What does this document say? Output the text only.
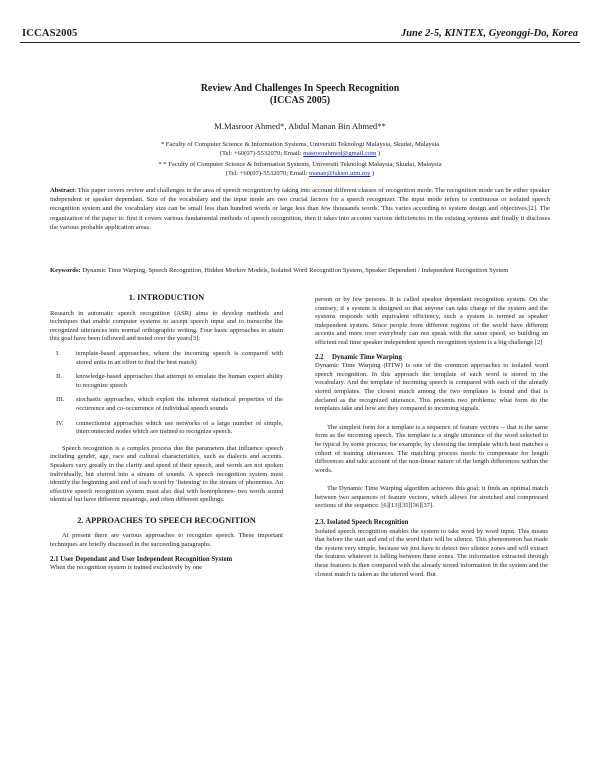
ICCAS2005	June 2-5, KINTEX, Gyeonggi-Do, Korea
Review And Challenges In Speech Recognition
(ICCAS 2005)
M.Masroor Ahmed*, Abdul Manan Bin Ahmed**
* Faculty of Computer Science & Information Systems, Universiti Teknologi Malaysia, Skudai, Malaysia
(Tel: +60(07)-5532070; Email: masroorahmed@gmail.com )
* * Faculty of Computer Science & Information Systems, Universiti Teknologi Malaysia, Skudai, Malaysia
(Tel: +60(07)-5532070; Email: manan@fsksm.utm.my )
Abstract: This paper covers review and challenges in the area of speech recognition by taking into account different classes of recognition mode. The recognition mode can be either speaker independent or speaker dependant. Size of the vocabulary and the input mode are two crucial factors for a speech recognizer. The input mode refers to continuous or isolated speech recognition system and the vocabulary size can be small less than hundred words or large less than few thousands words. This varies according to system design and objectives.[2]. The organization of the paper is: first it covers various fundamental methods of speech recognition, then it takes into account various deficiencies in the existing systems and finally it discloses the various probable application areas.
Keywords: Dynamic Time Warping, Speech Recognition, Hidden Morkov Models, Isolated Word Recognition System, Speaker Dependent / Independent Recognition System
1. INTRODUCTION

Research in automatic speech recognition (ASR) aims to develop methods and techniques that enable computer systems to accept speech input and to transcribe the recognized utterances into normal orthographic writing. Four basic approaches to attain this goal have been followed and tested over the years[3]:

I. template-based approaches, where the incoming speech is compared with stored units in an effort to find the best match)
II. knowledge-based approaches that attempt to emulate the human expert ability to recognize speech
III. stochastic approaches, which exploit the inherent statistical properties of the occurrence and co-occurrence of individual speech sounds
IV. connectionist approaches which use networks of a large number of simple, interconnected nodes which are trained to recognize speech.

Speech recognition is a complex process due the parameters that influence speech including gender, age, race and cultural characteristics, such as dialects and accents. Speakers vary greatly in the clarity and speed of their speech, and words are not spoken individually, but slurred into a stream of sounds. A speech recognition system must identify the beginning and end of each word by 'listening' to the stream of phonemes. An effective speech recognition system must also deal with homophones- two words sound identical but have different meanings, and often different spellings.

2. APPROACHES TO SPEECH RECOGNITION

At present there are various approaches to recognize speech. These important techniques are briefly discussed in the succeeding paragraphs.

2.1 User Dependant and User Independent Recognition System

When the recognition system is trained exclusively by one

person or by few persons. It is called speaker dependant recognition system. On the contrary, if a system is designed so that anyone can take charge of the system and the systems responds with equivalent efficiency, such a system is termed as speaker independent system. Since people from different regions of the world have different accents and more over everybody can not speak with the same speed, so building an efficient real time speaker independent speech recognition system is a big challenge [2]

2.2     Dynamic Time Warping

Dynamic Time Warping (DTW) is one of the common approaches to isolated word speech recognition. In this approach the template of each word is stored in the vocabulary. And the template of incoming speech is compared with each of the already stored templates. The closest match among the two templates is found and that is declared as the recognized utterance. This presents two problems: what form do the templates take and how are they compared to incoming signals.

The simplest form for a template is a sequence of feature vectors -- that is the same form as the incoming speech. The template is a single utterance of the word selected to be typical by some process; for example, by choosing the template which best matches a cohort of training utterances. The matching process needs to compensate for length differences and take account of the non-linear nature of the length differences within the words.

The Dynamic Time Warping algorithm achieves this goal; it finds an optimal match between two sequences of feature vectors, which allows for stretched and compressed sections of the sequence. [6][13][35][36][37].

2.3. Isolated Speech Recognition

Isolated speech recognition enables the system to take word by word input. This means that before the start and end of the word their will be silence. This phenomenon has made the system very simple, because we just have to detect two silence zones and will extract the features whatever is falling between these zones. The information extracted through these features is then compared with the already stored information in the system and the closest match is taken as the uttered word. But
